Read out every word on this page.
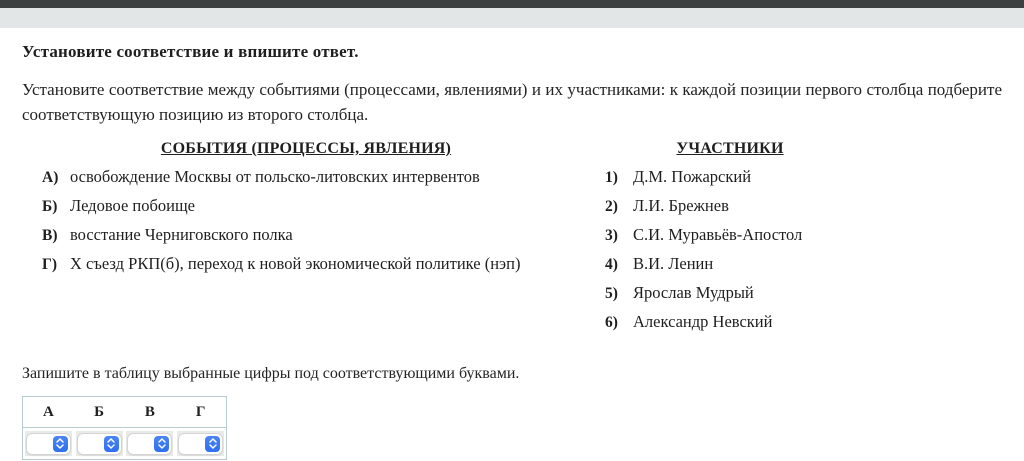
Установите соответствие и впишите ответ.

Установите соответствие между событиями (процессами, явлениями) и их участниками: к каждой позиции первого столбца подберите соответствующую позицию из второго столбца.

СОБЫТИЯ (ПРОЦЕССЫ, ЯВЛЕНИЯ)
А) освобождение Москвы от польско-литовских интервентов
Б) Ледовое побоище
В) восстание Черниговского полка
Г) Х съезд РКП(б), переход к новой экономической политике (нэп)
УЧАСТНИКИ
1) Д.М. Пожарский
2) Л.И. Брежнев
3) С.И. Муравьёв-Апостол
4) В.И. Ленин
5) Ярослав Мудрый
6) Александр Невский

Запишите в таблицу выбранные цифры под соответствующими буквами.

А	Б	В	Г
